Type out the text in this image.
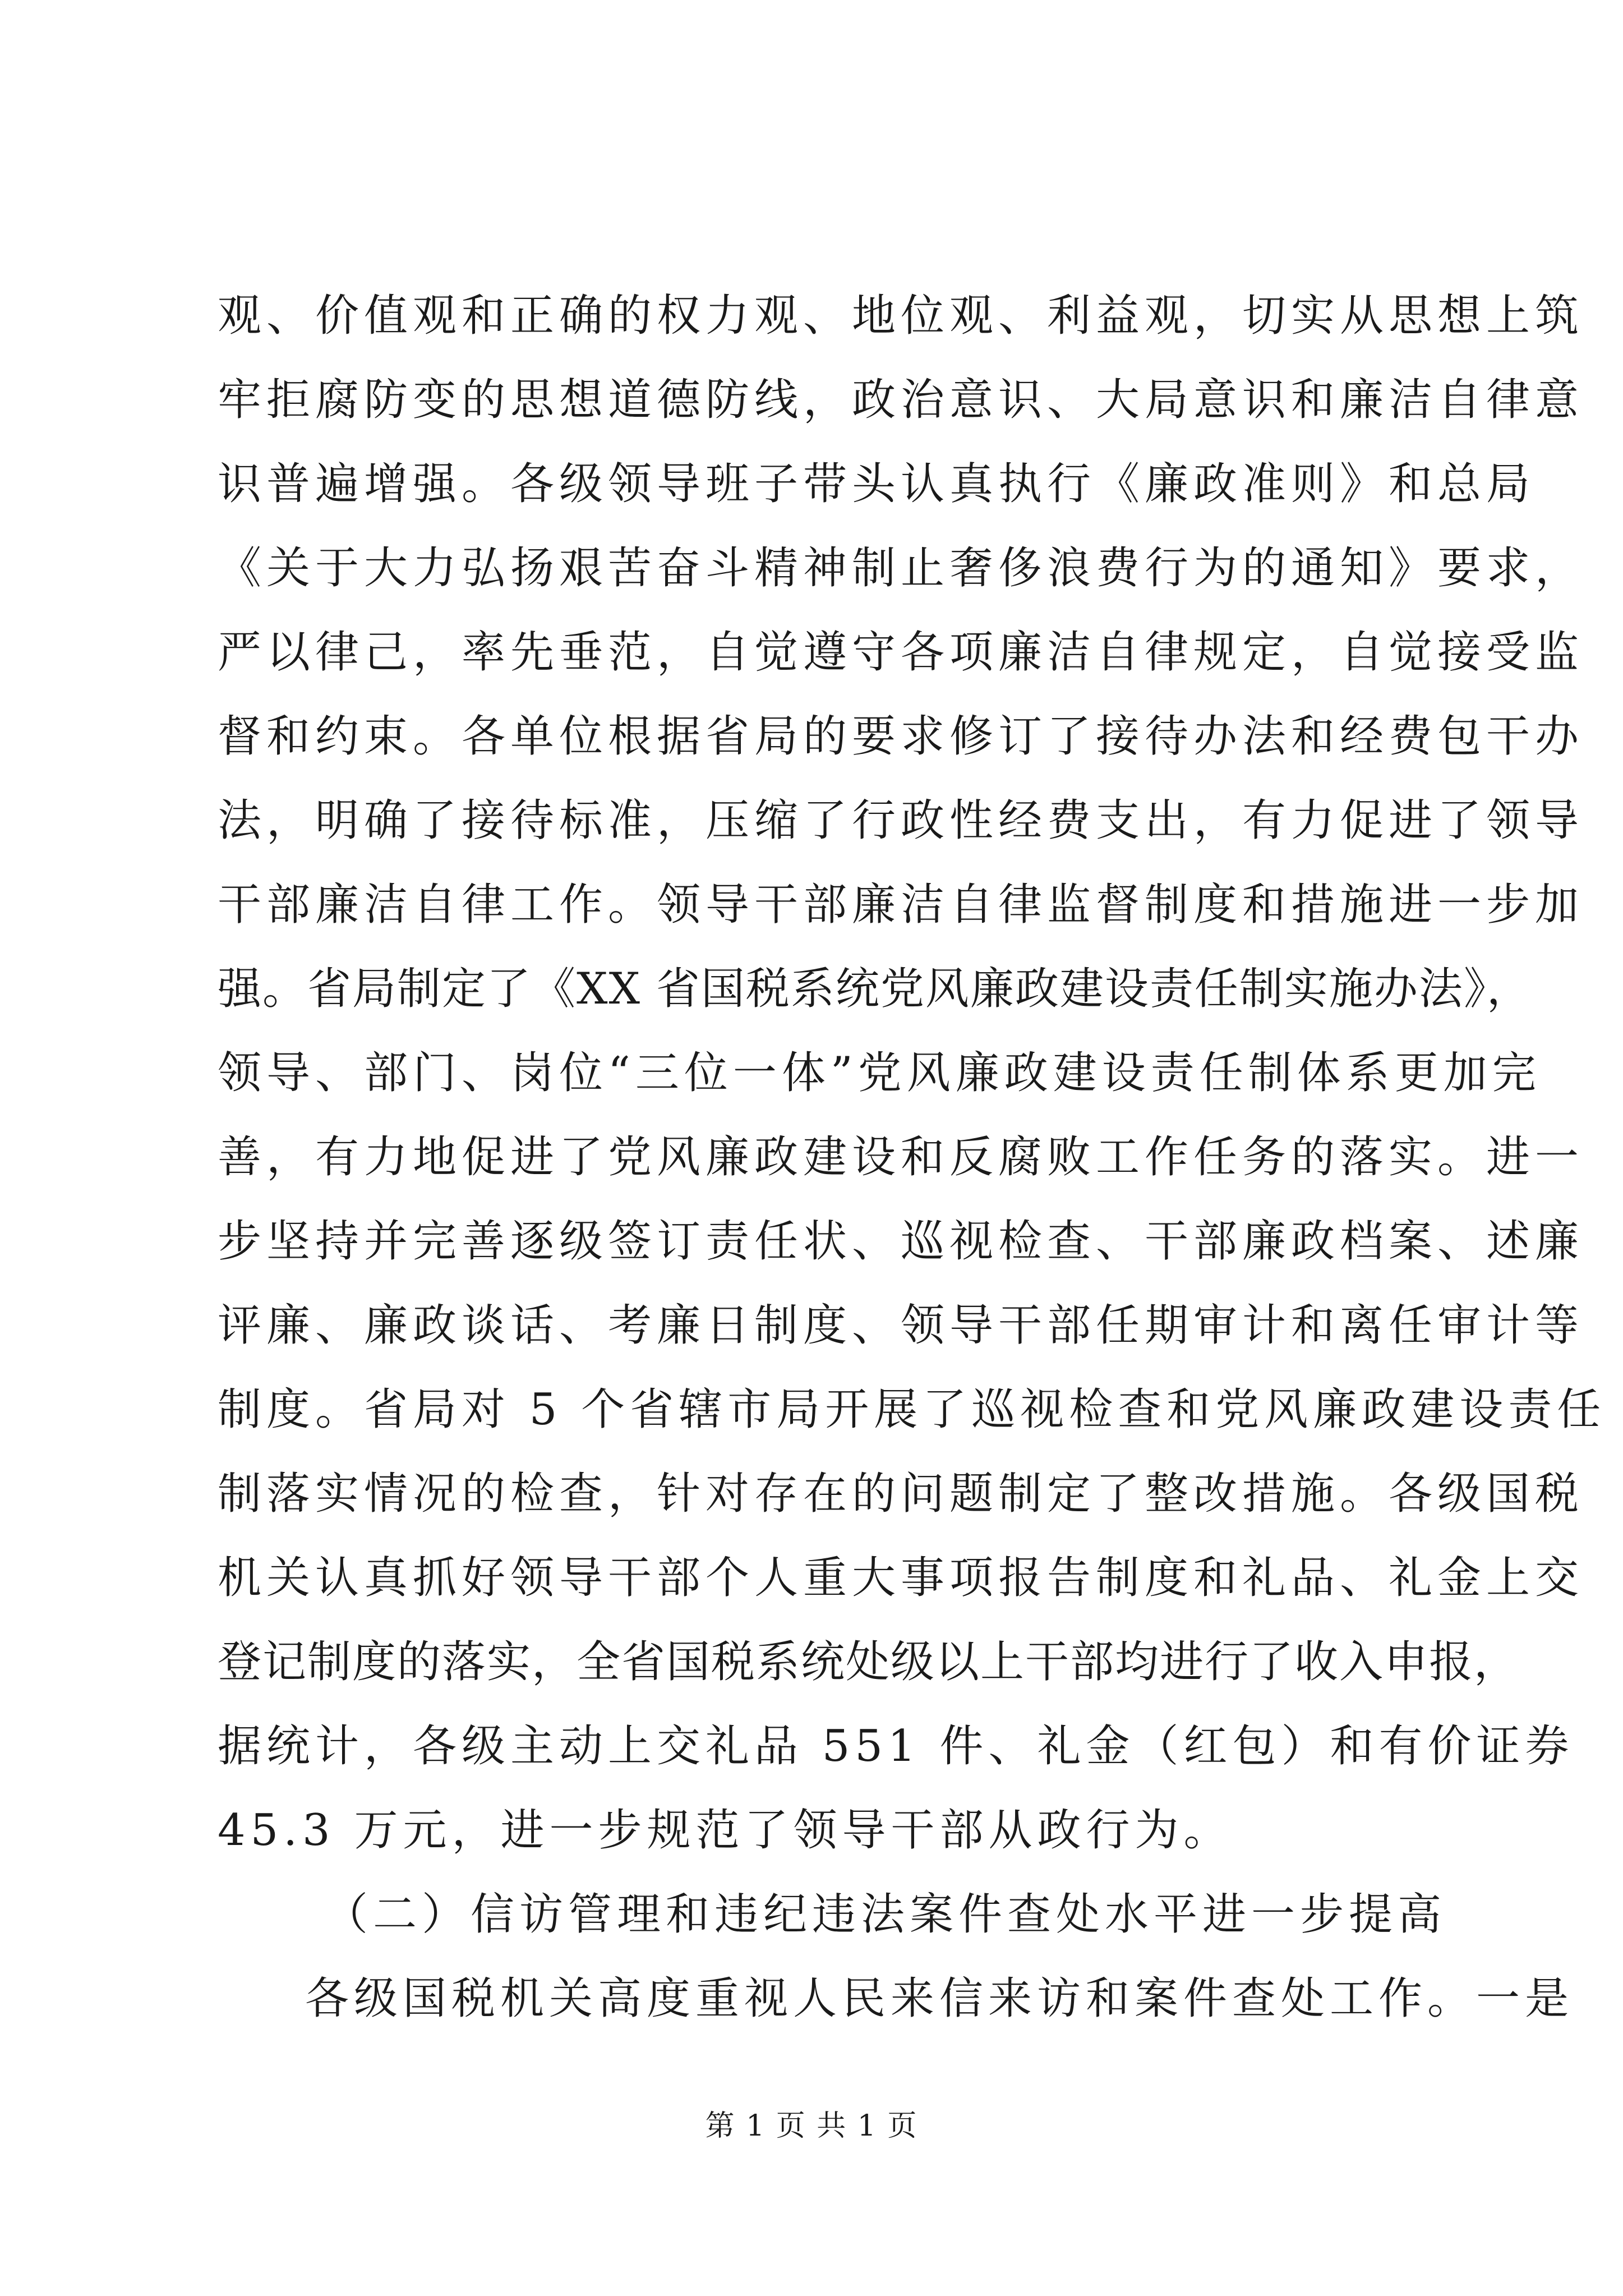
观、价值观和正确的权力观、地位观、利益观，切实从思想上筑
牢拒腐防变的思想道德防线，政治意识、大局意识和廉洁自律意
识普遍增强。各级领导班子带头认真执行《廉政准则》和总局
《关于大力弘扬艰苦奋斗精神制止奢侈浪费行为的通知》要求，
严以律己，率先垂范，自觉遵守各项廉洁自律规定，自觉接受监
督和约束。各单位根据省局的要求修订了接待办法和经费包干办
法，明确了接待标准，压缩了行政性经费支出，有力促进了领导
干部廉洁自律工作。领导干部廉洁自律监督制度和措施进一步加
强。省局制定了《XX 省国税系统党风廉政建设责任制实施办法》，
领导、部门、岗位“三位一体”党风廉政建设责任制体系更加完
善，有力地促进了党风廉政建设和反腐败工作任务的落实。进一
步坚持并完善逐级签订责任状、巡视检查、干部廉政档案、述廉
评廉、廉政谈话、考廉日制度、领导干部任期审计和离任审计等
制度。省局对 5 个省辖市局开展了巡视检查和党风廉政建设责任
制落实情况的检查，针对存在的问题制定了整改措施。各级国税
机关认真抓好领导干部个人重大事项报告制度和礼品、礼金上交
登记制度的落实，全省国税系统处级以上干部均进行了收入申报，
据统计，各级主动上交礼品 551 件、礼金（红包）和有价证券
45.3 万元，进一步规范了领导干部从政行为。
（二）信访管理和违纪违法案件查处水平进一步提高
各级国税机关高度重视人民来信来访和案件查处工作。一是
第 1 页 共 1 页
